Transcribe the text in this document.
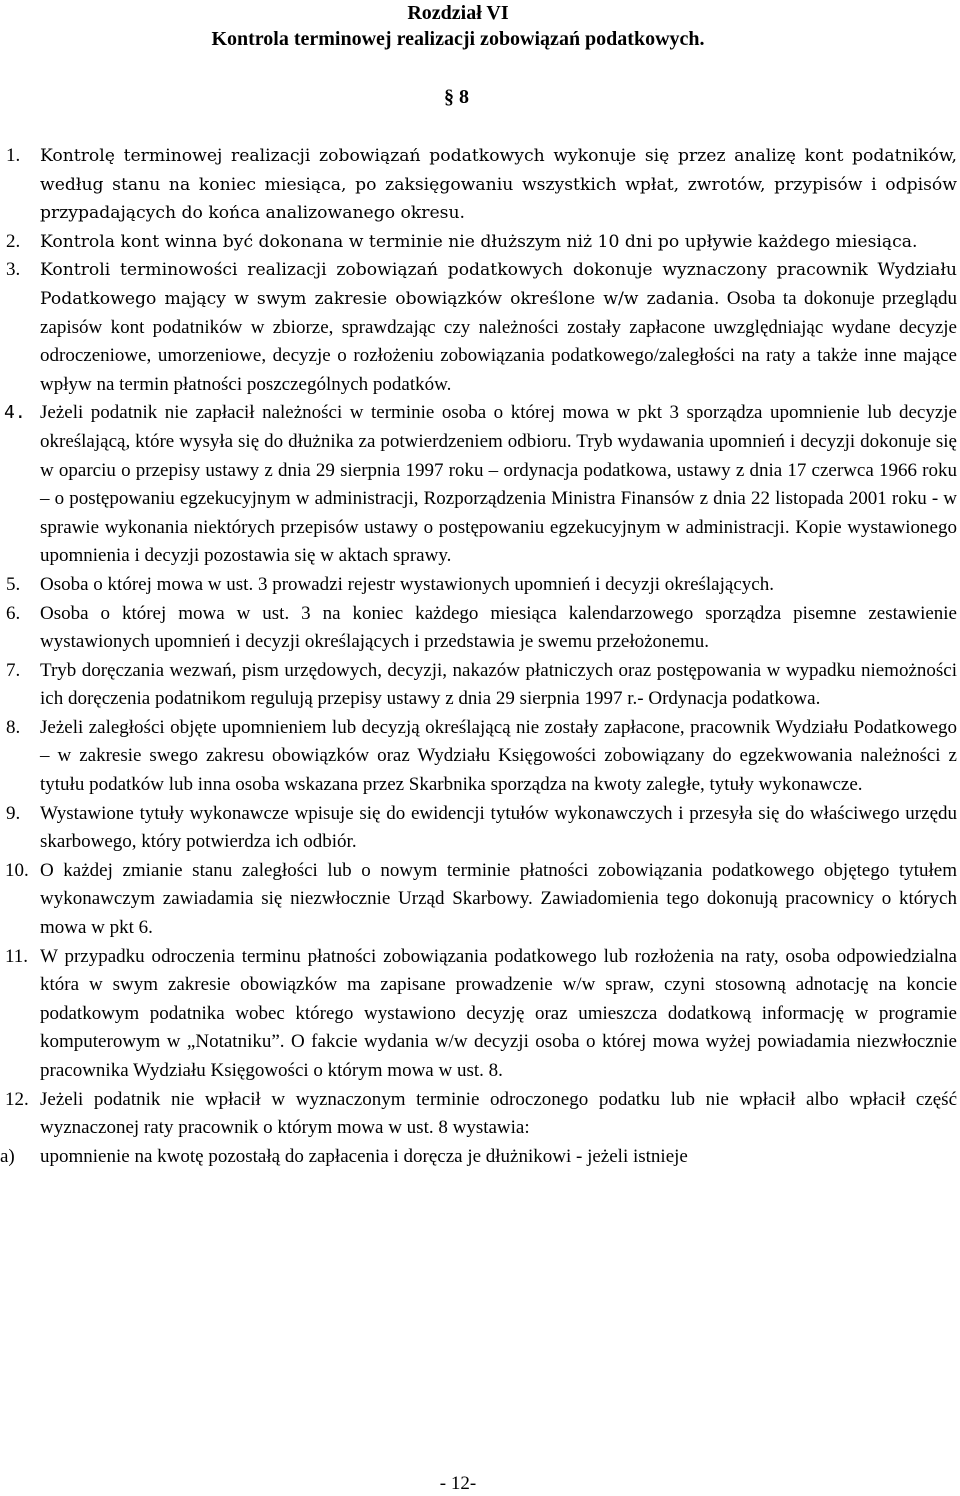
Rozdział VI
Kontrola terminowej realizacji zobowiązań podatkowych.
§ 8
1. Kontrolę terminowej realizacji zobowiązań podatkowych wykonuje się przez analizę kont podatników, według stanu na koniec miesiąca, po zaksięgowaniu wszystkich wpłat, zwrotów, przypisów i odpisów przypadających do końca analizowanego okresu.
2. Kontrola kont winna być dokonana w terminie nie dłuższym niż 10 dni po upływie każdego miesiąca.
3. Kontroli terminowości realizacji zobowiązań podatkowych dokonuje wyznaczony pracownik Wydziału Podatkowego mający w swym zakresie obowiązków określone w/w zadania. Osoba ta dokonuje przeglądu zapisów kont podatników w zbiorze, sprawdzając czy należności zostały zapłacone uwzględniając wydane decyzje odroczeniowe, umorzeniowe, decyzje o rozłożeniu zobowiązania podatkowego/zaległości na raty a także inne mające wpływ na termin płatności poszczególnych podatków.
4. Jeżeli podatnik nie zapłacił należności w terminie osoba o której mowa w pkt 3 sporządza upomnienie lub decyzje określającą, które wysyła się do dłużnika za potwierdzeniem odbioru. Tryb wydawania upomnień i decyzji dokonuje się w oparciu o przepisy ustawy z dnia 29 sierpnia 1997 roku – ordynacja podatkowa, ustawy z dnia 17 czerwca 1966 roku – o postępowaniu egzekucyjnym w administracji, Rozporządzenia Ministra Finansów z dnia 22 listopada 2001 roku - w sprawie wykonania niektórych przepisów ustawy o postępowaniu egzekucyjnym w administracji. Kopie wystawionego upomnienia i decyzji pozostawia się w aktach sprawy.
5. Osoba o której mowa w ust. 3 prowadzi rejestr wystawionych upomnień i decyzji określających.
6. Osoba o której mowa w ust. 3 na koniec każdego miesiąca kalendarzowego sporządza pisemne zestawienie wystawionych upomnień i decyzji określających i przedstawia je swemu przełożonemu.
7. Tryb doręczania wezwań, pism urzędowych, decyzji, nakazów płatniczych oraz postępowania w wypadku niemożności ich doręczenia podatnikom regulują przepisy ustawy z dnia 29 sierpnia 1997 r.- Ordynacja podatkowa.
8. Jeżeli zaległości objęte upomnieniem lub decyzją określającą nie zostały zapłacone, pracownik Wydziału Podatkowego – w zakresie swego zakresu obowiązków oraz Wydziału Księgowości zobowiązany do egzekwowania należności z tytułu podatków lub inna osoba wskazana przez Skarbnika sporządza na kwoty zaległe, tytuły wykonawcze.
9. Wystawione tytuły wykonawcze wpisuje się do ewidencji tytułów wykonawczych i przesyła się do właściwego urzędu skarbowego, który potwierdza ich odbiór.
10. O każdej zmianie stanu zaległości lub o nowym terminie płatności zobowiązania podatkowego objętego tytułem wykonawczym zawiadamia się niezwłocznie Urząd Skarbowy. Zawiadomienia tego dokonują pracownicy o których mowa w pkt 6.
11. W przypadku odroczenia terminu płatności zobowiązania podatkowego lub rozłożenia na raty, osoba odpowiedzialna która w swym zakresie obowiązków ma zapisane prowadzenie w/w spraw, czyni stosowną adnotację na koncie podatkowym podatnika wobec którego wystawiono decyzję oraz umieszcza dodatkową informację w programie komputerowym w „Notatniku”. O fakcie wydania w/w decyzji osoba o której mowa wyżej powiadamia niezwłocznie pracownika Wydziału Księgowości o którym mowa w ust. 8.
12. Jeżeli podatnik nie wpłacił w wyznaczonym terminie odroczonego podatku lub nie wpłacił albo wpłacił część wyznaczonej raty pracownik o którym mowa w ust. 8 wystawia:
a) upomnienie na kwotę pozostałą do zapłacenia i doręcza je dłużnikowi - jeżeli istnieje
- 12-
